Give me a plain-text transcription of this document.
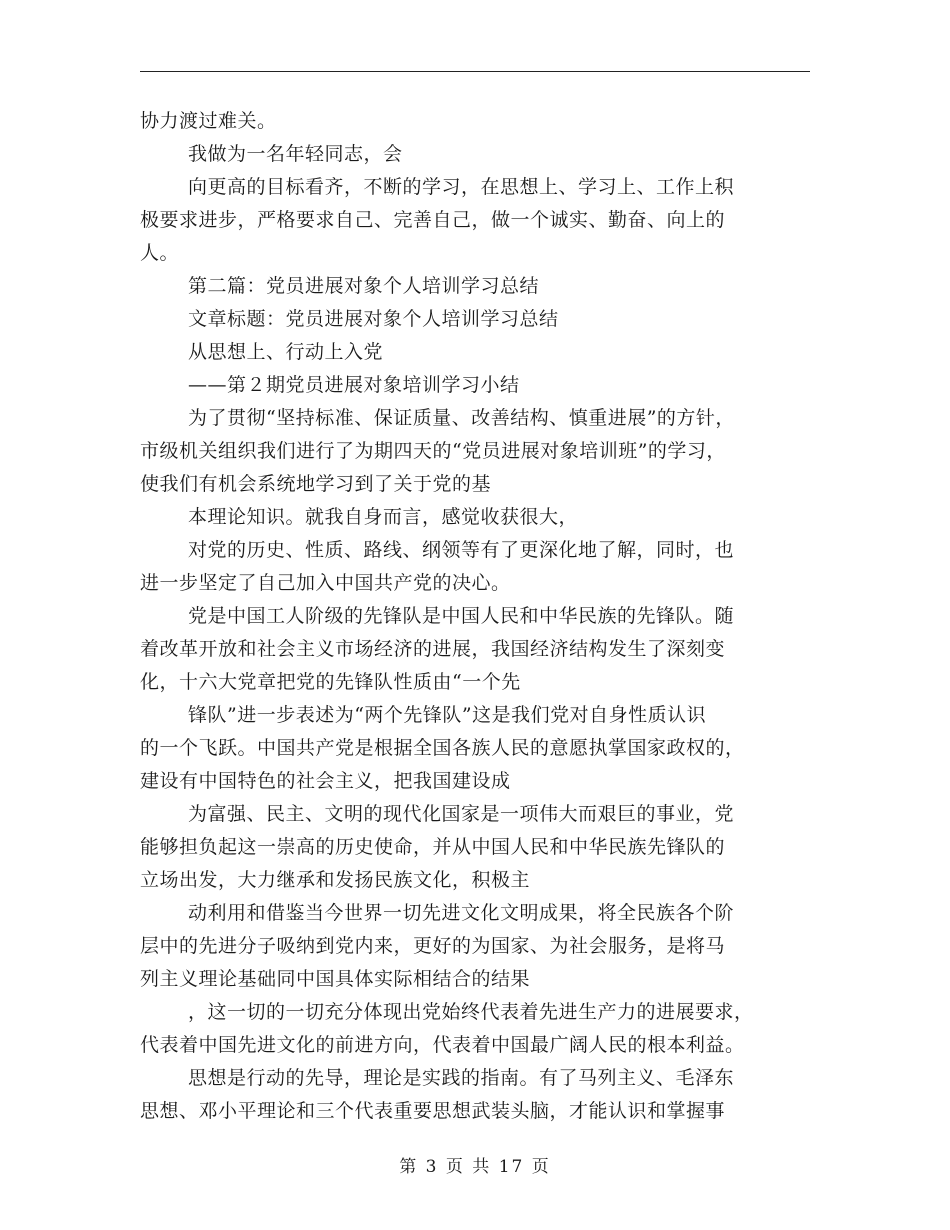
协力渡过难关。
我做为一名年轻同志，会
向更高的目标看齐，不断的学习，在思想上、学习上、工作上积
极要求进步，严格要求自己、完善自己，做一个诚实、勤奋、向上的
人。
第二篇：党员进展对象个人培训学习总结
文章标题：党员进展对象个人培训学习总结
从思想上、行动上入党
——第２期党员进展对象培训学习小结
为了贯彻“坚持标准、保证质量、改善结构、慎重进展”的方针，
市级机关组织我们进行了为期四天的“党员进展对象培训班”的学习，
使我们有机会系统地学习到了关于党的基
本理论知识。就我自身而言，感觉收获很大，
对党的历史、性质、路线、纲领等有了更深化地了解，同时，也
进一步坚定了自己加入中国共产党的决心。
党是中国工人阶级的先锋队是中国人民和中华民族的先锋队。随
着改革开放和社会主义市场经济的进展，我国经济结构发生了深刻变
化，十六大党章把党的先锋队性质由“一个先
锋队”进一步表述为“两个先锋队”这是我们党对自身性质认识
的一个飞跃。中国共产党是根据全国各族人民的意愿执掌国家政权的，
建设有中国特色的社会主义，把我国建设成
为富强、民主、文明的现代化国家是一项伟大而艰巨的事业，党
能够担负起这一崇高的历史使命，并从中国人民和中华民族先锋队的
立场出发，大力继承和发扬民族文化，积极主
动利用和借鉴当今世界一切先进文化文明成果，将全民族各个阶
层中的先进分子吸纳到党内来，更好的为国家、为社会服务，是将马
列主义理论基础同中国具体实际相结合的结果
，这一切的一切充分体现出党始终代表着先进生产力的进展要求，
代表着中国先进文化的前进方向，代表着中国最广阔人民的根本利益。
思想是行动的先导，理论是实践的指南。有了马列主义、毛泽东
思想、邓小平理论和三个代表重要思想武装头脑，才能认识和掌握事
第 3 页 共 17 页
